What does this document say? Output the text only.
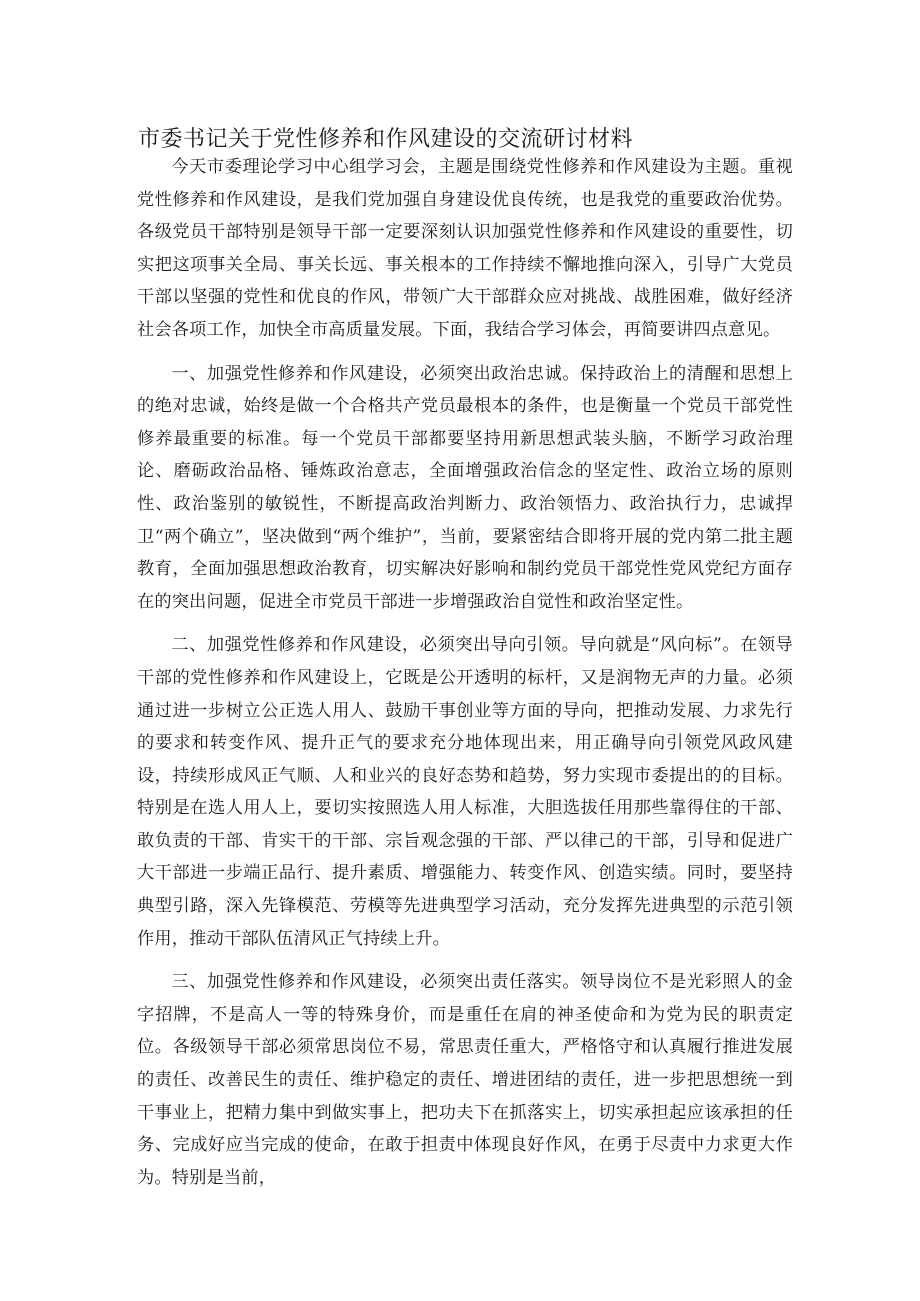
市委书记关于党性修养和作风建设的交流研讨材料

今天市委理论学习中心组学习会，主题是围绕党性修养和作风建设为主题。重视党性修养和作风建设，是我们党加强自身建设优良传统，也是我党的重要政治优势。各级党员干部特别是领导干部一定要深刻认识加强党性修养和作风建设的重要性，切实把这项事关全局、事关长远、事关根本的工作持续不懈地推向深入，引导广大党员干部以坚强的党性和优良的作风，带领广大干部群众应对挑战、战胜困难，做好经济社会各项工作，加快全市高质量发展。下面，我结合学习体会，再简要讲四点意见。

一、加强党性修养和作风建设，必须突出政治忠诚。保持政治上的清醒和思想上的绝对忠诚，始终是做一个合格共产党员最根本的条件，也是衡量一个党员干部党性修养最重要的标准。每一个党员干部都要坚持用新思想武装头脑，不断学习政治理论、磨砺政治品格、锤炼政治意志，全面增强政治信念的坚定性、政治立场的原则性、政治鉴别的敏锐性，不断提高政治判断力、政治领悟力、政治执行力，忠诚捍卫“两个确立”，坚决做到“两个维护”，当前，要紧密结合即将开展的党内第二批主题教育，全面加强思想政治教育，切实解决好影响和制约党员干部党性党风党纪方面存在的突出问题，促进全市党员干部进一步增强政治自觉性和政治坚定性。

二、加强党性修养和作风建设，必须突出导向引领。导向就是“风向标”。在领导干部的党性修养和作风建设上，它既是公开透明的标杆，又是润物无声的力量。必须通过进一步树立公正选人用人、鼓励干事创业等方面的导向，把推动发展、力求先行的要求和转变作风、提升正气的要求充分地体现出来，用正确导向引领党风政风建设，持续形成风正气顺、人和业兴的良好态势和趋势，努力实现市委提出的的目标。特别是在选人用人上，要切实按照选人用人标准，大胆选拔任用那些靠得住的干部、敢负责的干部、肯实干的干部、宗旨观念强的干部、严以律己的干部，引导和促进广大干部进一步端正品行、提升素质、增强能力、转变作风、创造实绩。同时，要坚持典型引路，深入先锋模范、劳模等先进典型学习活动，充分发挥先进典型的示范引领作用，推动干部队伍清风正气持续上升。

三、加强党性修养和作风建设，必须突出责任落实。领导岗位不是光彩照人的金字招牌，不是高人一等的特殊身价，而是重任在肩的神圣使命和为党为民的职责定位。各级领导干部必须常思岗位不易，常思责任重大，严格恪守和认真履行推进发展的责任、改善民生的责任、维护稳定的责任、增进团结的责任，进一步把思想统一到干事业上，把精力集中到做实事上，把功夫下在抓落实上，切实承担起应该承担的任务、完成好应当完成的使命，在敢于担责中体现良好作风，在勇于尽责中力求更大作为。特别是当前，
